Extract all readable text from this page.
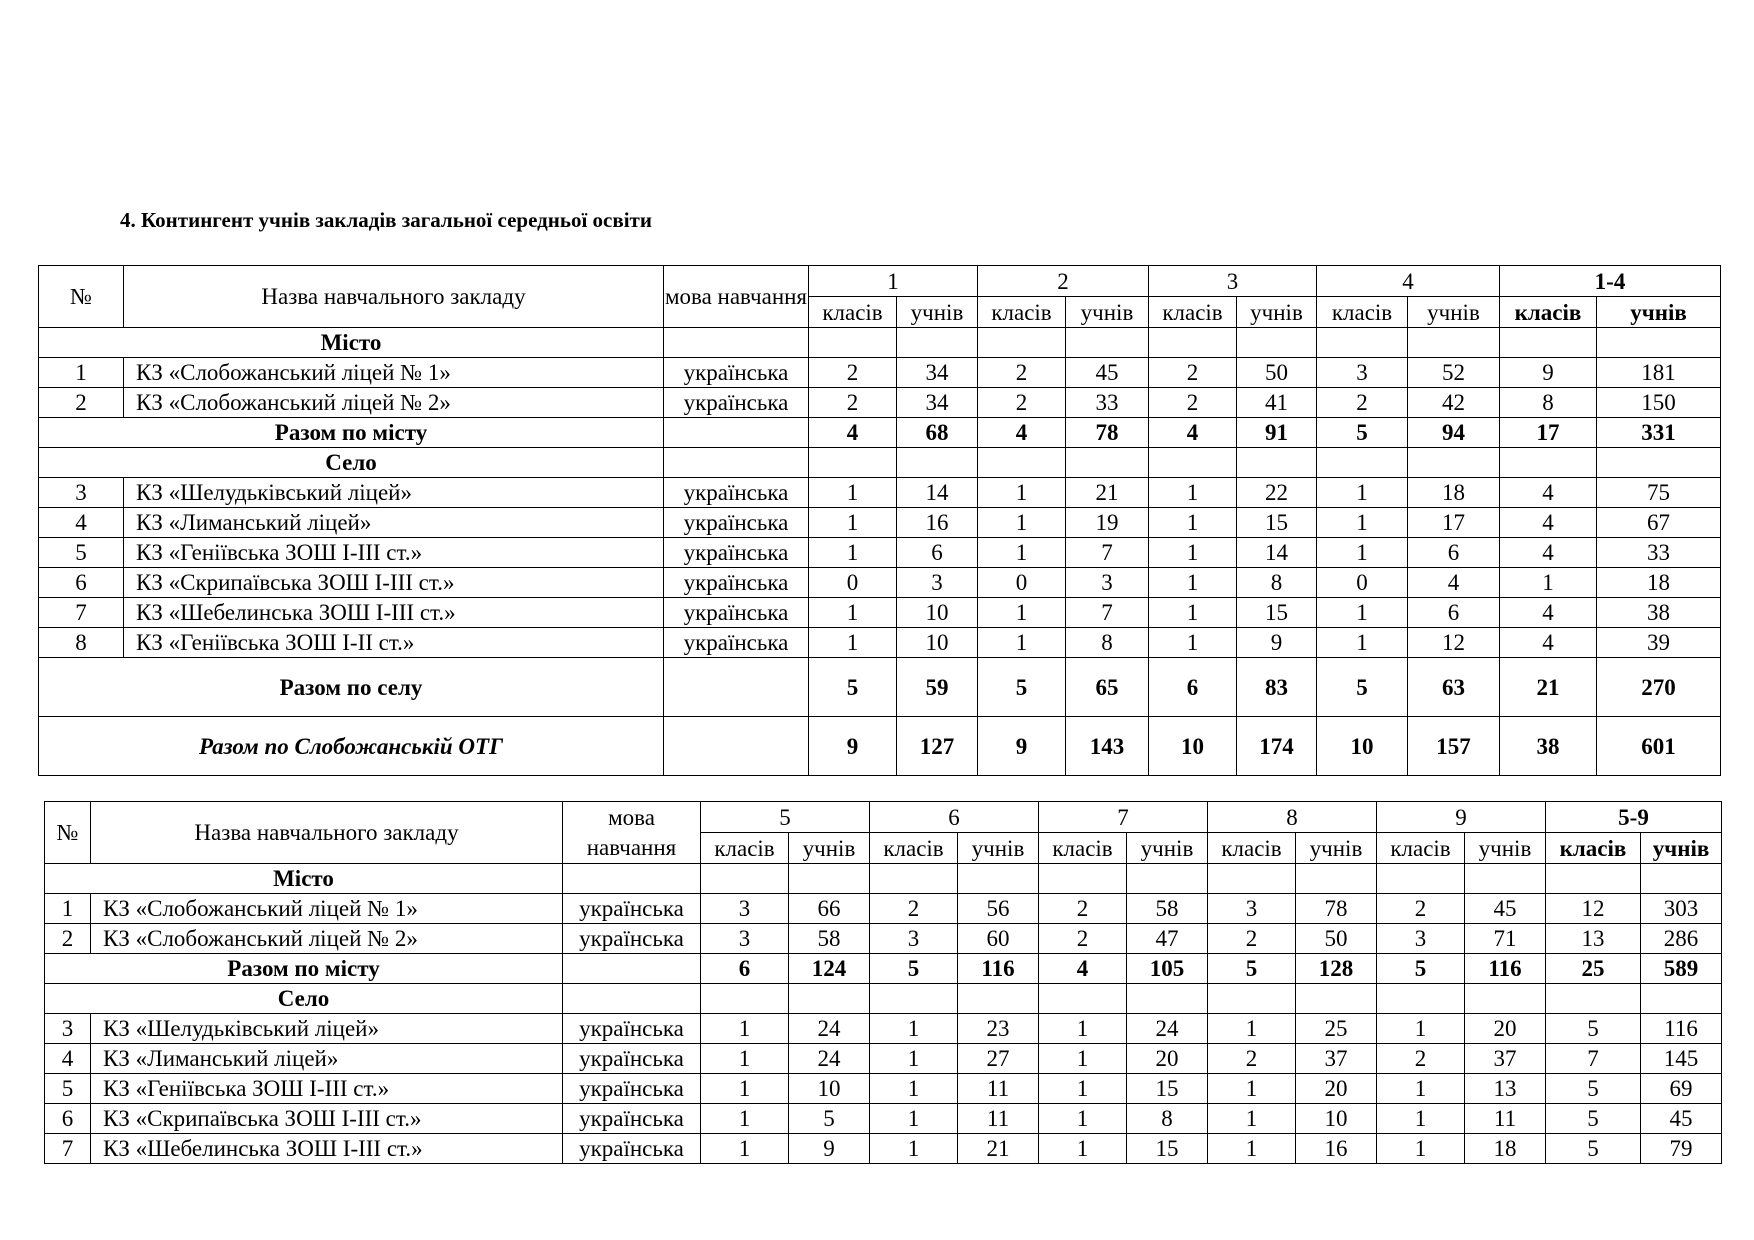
4. Контингент учнів закладів загальної середньої освіти
№	Назва навчального закладу	мова навчання	1		2		3		4		1-4	
			класів	учнів	класів	учнів	класів	учнів	класів	учнів	класів	учнів
Місто												
1	КЗ «Слобожанський ліцей № 1»	українська	2	34	2	45	2	50	3	52	9	181
2	КЗ «Слобожанський ліцей № 2»	українська	2	34	2	33	2	41	2	42	8	150
Разом по місту			4	68	4	78	4	91	5	94	17	331
Село												
3	КЗ «Шелудьківський ліцей»	українська	1	14	1	21	1	22	1	18	4	75
4	КЗ «Лиманський ліцей»	українська	1	16	1	19	1	15	1	17	4	67
5	КЗ «Геніївська ЗОШ І-ІІІ ст.»	українська	1	6	1	7	1	14	1	6	4	33
6	КЗ «Скрипаївська ЗОШ І-ІІІ ст.»	українська	0	3	0	3	1	8	0	4	1	18
7	КЗ «Шебелинська ЗОШ І-ІІІ ст.»	українська	1	10	1	7	1	15	1	6	4	38
8	КЗ «Геніївська ЗОШ І-ІІ ст.»	українська	1	10	1	8	1	9	1	12	4	39
Разом по селу			5	59	5	65	6	83	5	63	21	270
Разом по Слобожанській ОТГ			9	127	9	143	10	174	10	157	38	601
№	Назва навчального закладу	мова навчання	5		6		7		8		9		5-9	
			класів	учнів	класів	учнів	класів	учнів	класів	учнів	класів	учнів	класів	учнів
Місто														
1	КЗ «Слобожанський ліцей № 1»	українська	3	66	2	56	2	58	3	78	2	45	12	303
2	КЗ «Слобожанський ліцей № 2»	українська	3	58	3	60	2	47	2	50	3	71	13	286
Разом по місту			6	124	5	116	4	105	5	128	5	116	25	589
Село														
3	КЗ «Шелудьківський ліцей»	українська	1	24	1	23	1	24	1	25	1	20	5	116
4	КЗ «Лиманський ліцей»	українська	1	24	1	27	1	20	2	37	2	37	7	145
5	КЗ «Геніївська ЗОШ І-ІІІ ст.»	українська	1	10	1	11	1	15	1	20	1	13	5	69
6	КЗ «Скрипаївська ЗОШ І-ІІІ ст.»	українська	1	5	1	11	1	8	1	10	1	11	5	45
7	КЗ «Шебелинська ЗОШ І-ІІІ ст.»	українська	1	9	1	21	1	15	1	16	1	18	5	79
